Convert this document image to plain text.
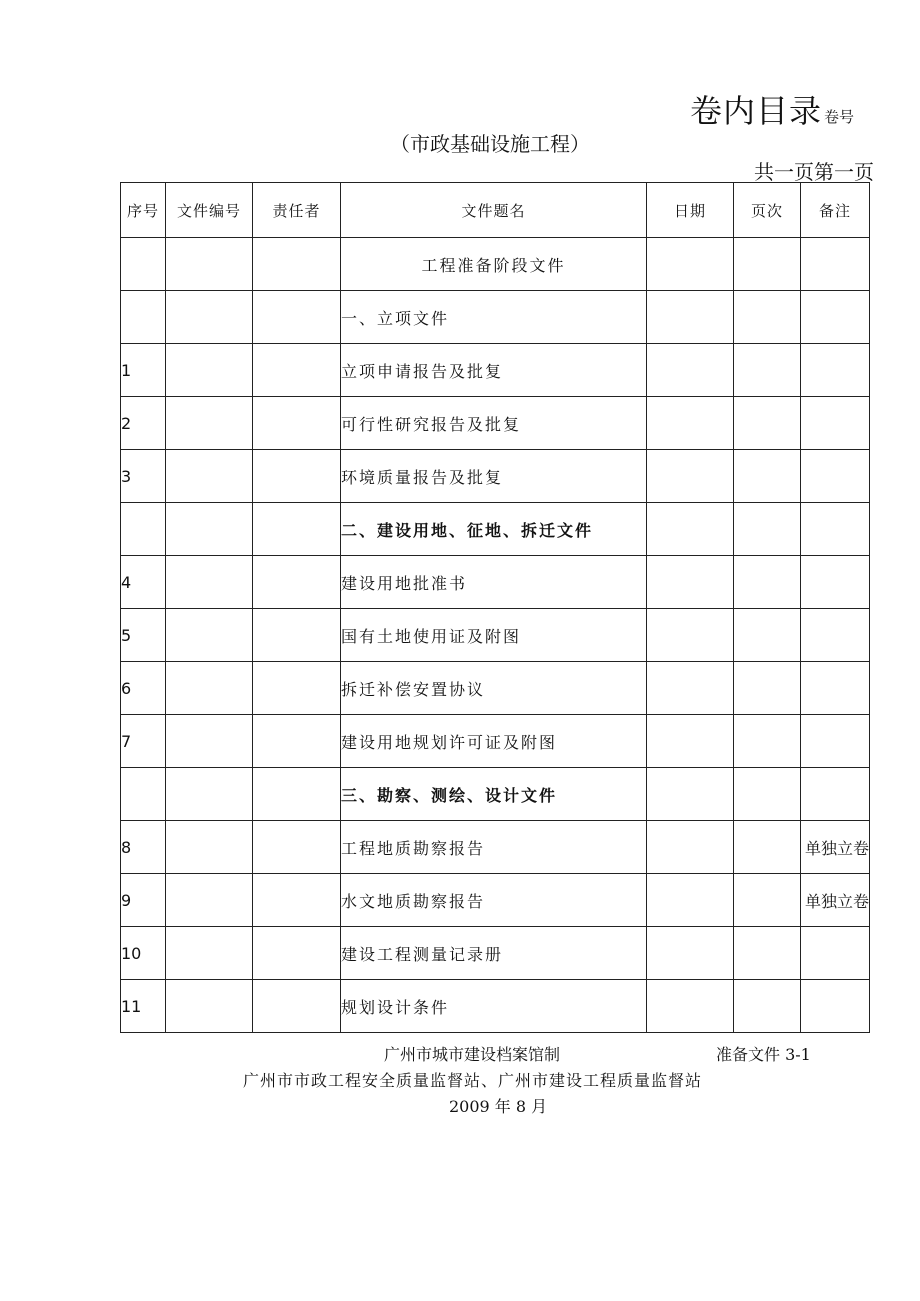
卷内目录 卷号
（市政基础设施工程）
共一页第一页
序号	文件编号	责任者	文件题名	日期	页次	备注
			工程准备阶段文件			
			一、立项文件			
1			立项申请报告及批复			
2			可行性研究报告及批复			
3			环境质量报告及批复			
			二、建设用地、征地、拆迁文件			
4			建设用地批准书			
5			国有土地使用证及附图			
6			拆迁补偿安置协议			
7			建设用地规划许可证及附图			
			三、勘察、测绘、设计文件			
8			工程地质勘察报告			单独立卷
9			水文地质勘察报告			单独立卷
10			建设工程测量记录册			
11			规划设计条件			
广州市城市建设档案馆制	准备文件 3-1
广州市市政工程安全质量监督站、广州市建设工程质量监督站
2009 年 8 月
